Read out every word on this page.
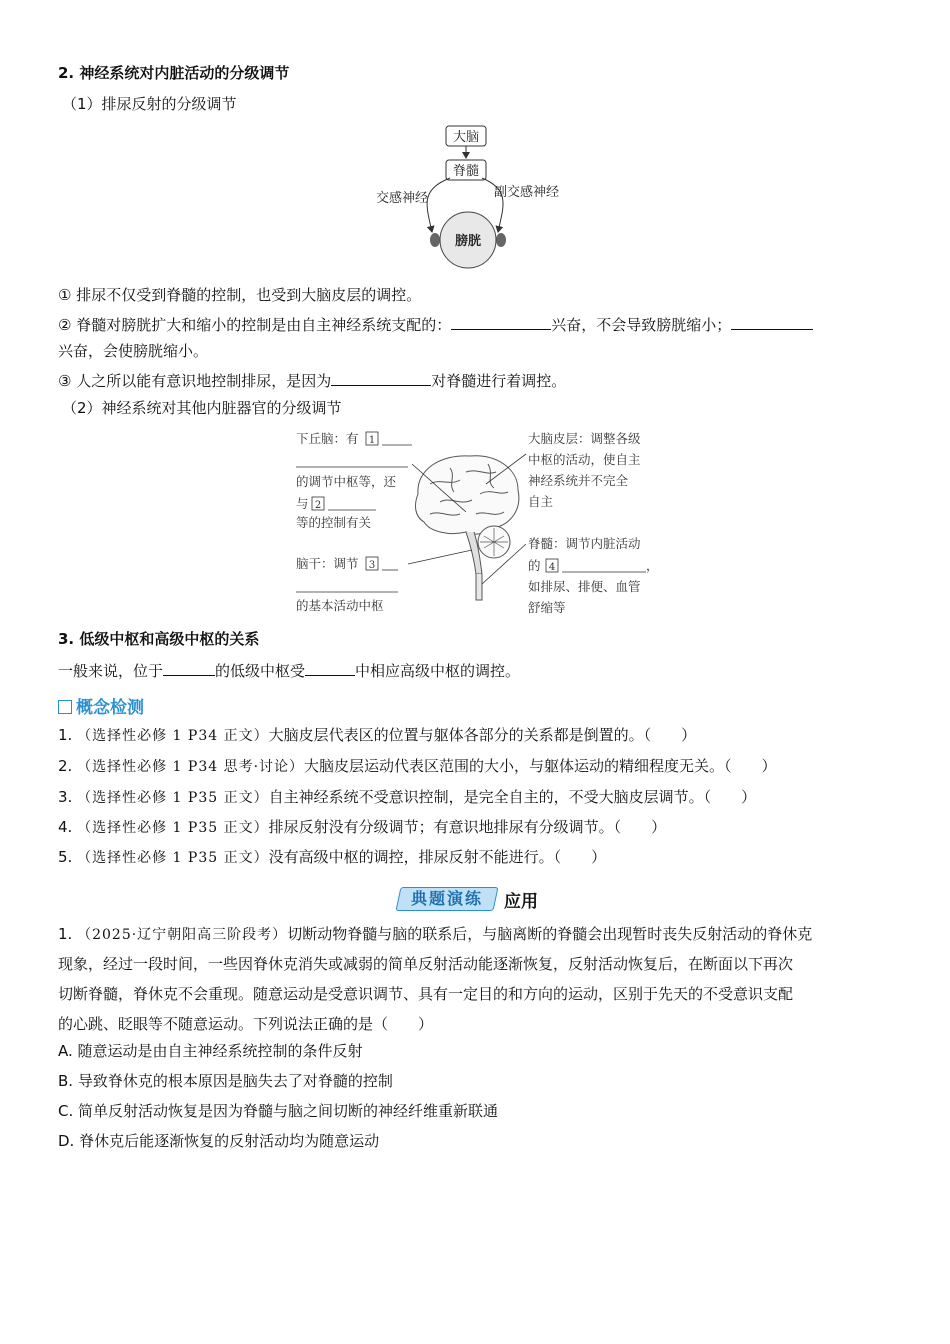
2. 神经系统对内脏活动的分级调节
（1）排尿反射的分级调节
大脑
脊髓
交感神经	副交感神经
膀胱
① 排尿不仅受到脊髓的控制，也受到大脑皮层的调控。
② 脊髓对膀胱扩大和缩小的控制是由自主神经系统支配的：	兴奋，不会导致膀胱缩小；
兴奋，会使膀胱缩小。
③ 人之所以能有意识地控制排尿，是因为	对脊髓进行着调控。
（2）神经系统对其他内脏器官的分级调节
下丘脑：有 1
的调节中枢等，还
与 2
等的控制有关
脑干：调节 3
的基本活动中枢
大脑皮层：调整各级
中枢的活动，使自主
神经系统并不完全
自主
脊髓：调节内脏活动
的 4	，
如排尿、排便、血管
舒缩等
3. 低级中枢和高级中枢的关系
一般来说，位于	的低级中枢受	中相应高级中枢的调控。
概念检测
1. （选择性必修 1 P34 正文）大脑皮层代表区的位置与躯体各部分的关系都是倒置的。（　　）
2. （选择性必修 1 P34 思考·讨论）大脑皮层运动代表区范围的大小，与躯体运动的精细程度无关。（　　）
3. （选择性必修 1 P35 正文）自主神经系统不受意识控制，是完全自主的，不受大脑皮层调节。（　　）
4. （选择性必修 1 P35 正文）排尿反射没有分级调节；有意识地排尿有分级调节。（　　）
5. （选择性必修 1 P35 正文）没有高级中枢的调控，排尿反射不能进行。（　　）
典题演练	应用
1. （2025·辽宁朝阳高三阶段考）切断动物脊髓与脑的联系后，与脑离断的脊髓会出现暂时丧失反射活动的脊休克
现象，经过一段时间，一些因脊休克消失或减弱的简单反射活动能逐渐恢复，反射活动恢复后，在断面以下再次
切断脊髓，脊休克不会重现。随意运动是受意识调节、具有一定目的和方向的运动，区别于先天的不受意识支配
的心跳、眨眼等不随意运动。下列说法正确的是（　　）
A. 随意运动是由自主神经系统控制的条件反射
B. 导致脊休克的根本原因是脑失去了对脊髓的控制
C. 简单反射活动恢复是因为脊髓与脑之间切断的神经纤维重新联通
D. 脊休克后能逐渐恢复的反射活动均为随意运动
